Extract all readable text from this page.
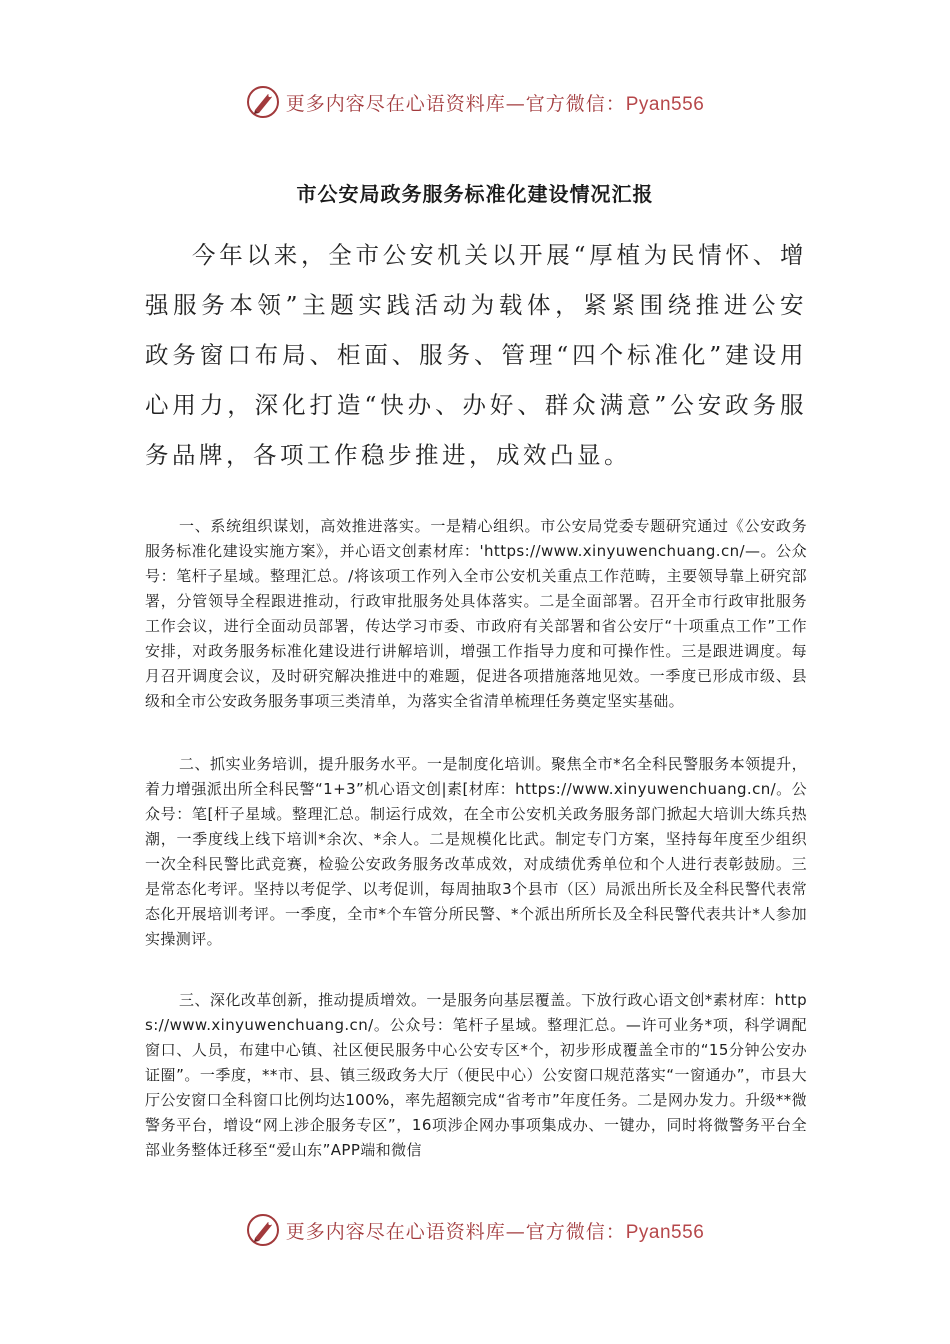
更多内容尽在心语资料库—官方微信：Pyan556
市公安局政务服务标准化建设情况汇报

今年以来，全市公安机关以开展“厚植为民情怀、增强服务本领”主题实践活动为载体，紧紧围绕推进公安政务窗口布局、柜面、服务、管理“四个标准化”建设用心用力，深化打造“快办、办好、群众满意”公安政务服务品牌，各项工作稳步推进，成效凸显。

一、系统组织谋划，高效推进落实。一是精心组织。市公安局党委专题研究通过《公安政务服务标准化建设实施方案》，并心语文创素材库：'https://www.xinyuwenchuang.cn/—。公众号：笔杆子星域。整理汇总。/将该项工作列入全市公安机关重点工作范畴，主要领导靠上研究部署，分管领导全程跟进推动，行政审批服务处具体落实。二是全面部署。召开全市行政审批服务工作会议，进行全面动员部署，传达学习市委、市政府有关部署和省公安厅“十项重点工作”工作安排，对政务服务标准化建设进行讲解培训，增强工作指导力度和可操作性。三是跟进调度。每月召开调度会议，及时研究解决推进中的难题，促进各项措施落地见效。一季度已形成市级、县级和全市公安政务服务事项三类清单，为落实全省清单梳理任务奠定坚实基础。

二、抓实业务培训，提升服务水平。一是制度化培训。聚焦全市*名全科民警服务本领提升，着力增强派出所全科民警“1+3”机心语文创|素[材库：https://www.xinyuwenchuang.cn/。公众号：笔[杆子星域。整理汇总。制运行成效，在全市公安机关政务服务部门掀起大培训大练兵热潮，一季度线上线下培训*余次、*余人。二是规模化比武。制定专门方案，坚持每年度至少组织一次全科民警比武竞赛，检验公安政务服务改革成效，对成绩优秀单位和个人进行表彰鼓励。三是常态化考评。坚持以考促学、以考促训，每周抽取3个县市（区）局派出所长及全科民警代表常态化开展培训考评。一季度，全市*个车管分所民警、*个派出所所长及全科民警代表共计*人参加实操测评。

三、深化改革创新，推动提质增效。一是服务向基层覆盖。下放行政心语文创*素材库：https://www.xinyuwenchuang.cn/。公众号：笔杆子星域。整理汇总。—许可业务*项，科学调配窗口、人员，布建中心镇、社区便民服务中心公安专区*个，初步形成覆盖全市的“15分钟公安办证圈”。一季度，**市、县、镇三级政务大厅（便民中心）公安窗口规范落实“一窗通办”，市县大厅公安窗口全科窗口比例均达100%，率先超额完成“省考市”年度任务。二是网办发力。升级**微警务平台，增设“网上涉企服务专区”，16项涉企网办事项集成办、一键办，同时将微警务平台全部业务整体迁移至“爱山东”APP端和微信

更多内容尽在心语资料库—官方微信：Pyan556
